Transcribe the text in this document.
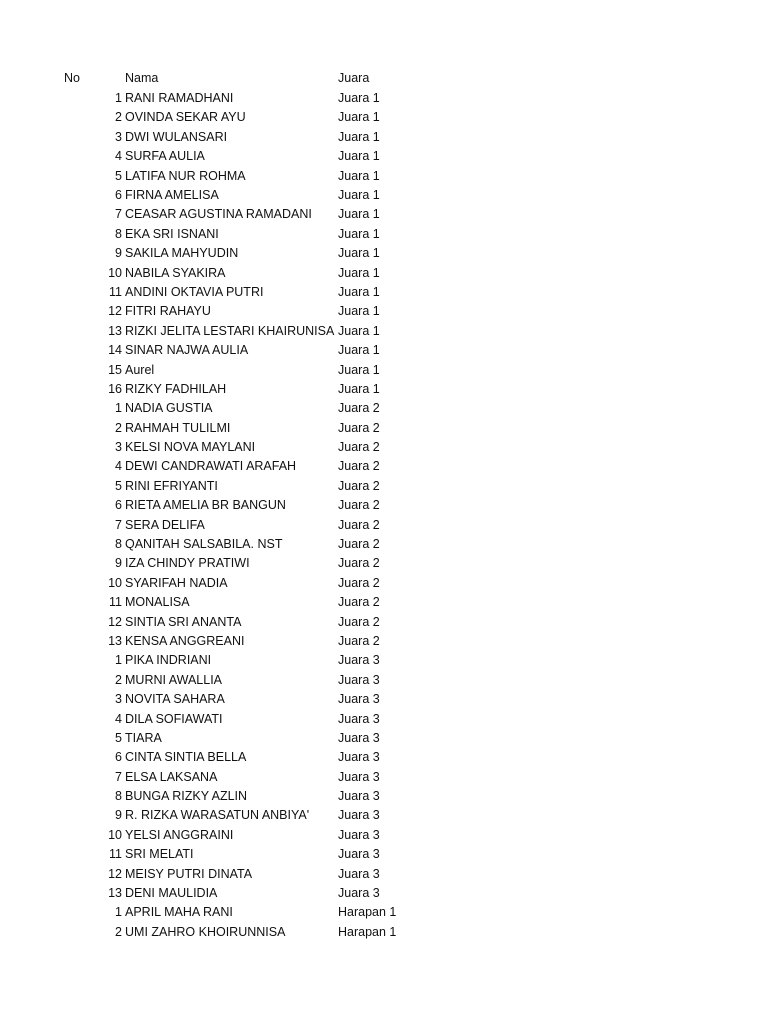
No	Nama	Juara
1 RANI RAMADHANI	Juara 1
2 OVINDA SEKAR AYU	Juara 1
3 DWI WULANSARI	Juara 1
4 SURFA AULIA	Juara 1
5 LATIFA NUR ROHMA	Juara 1
6 FIRNA AMELISA	Juara 1
7 CEASAR AGUSTINA RAMADANI Juara 1
8 EKA SRI ISNANI	Juara 1
9 SAKILA MAHYUDIN	Juara 1
10 NABILA SYAKIRA	Juara 1
11 ANDINI OKTAVIA PUTRI	Juara 1
12 FITRI RAHAYU	Juara 1
13 RIZKI JELITA LESTARI KHAIRUNISA Juara 1
14 SINAR NAJWA AULIA	Juara 1
15 Aurel	Juara 1
16 RIZKY FADHILAH	Juara 1
1 NADIA GUSTIA	Juara 2
2 RAHMAH TULILMI	Juara 2
3 KELSI NOVA MAYLANI	Juara 2
4 DEWI CANDRAWATI ARAFAH	Juara 2
5 RINI EFRIYANTI	Juara 2
6 RIETA AMELIA BR BANGUN	Juara 2
7 SERA DELIFA	Juara 2
8 QANITAH SALSABILA. NST	Juara 2
9 IZA CHINDY PRATIWI	Juara 2
10 SYARIFAH NADIA	Juara 2
11 MONALISA	Juara 2
12 SINTIA SRI ANANTA	Juara 2
13 KENSA ANGGREANI	Juara 2
1 PIKA INDRIANI	Juara 3
2 MURNI AWALLIA	Juara 3
3 NOVITA SAHARA	Juara 3
4 DILA SOFIAWATI	Juara 3
5 TIARA	Juara 3
6 CINTA SINTIA BELLA	Juara 3
7 ELSA LAKSANA	Juara 3
8 BUNGA RIZKY AZLIN	Juara 3
9 R. RIZKA WARASATUN ANBIYA' Juara 3
10 YELSI ANGGRAINI	Juara 3
11 SRI MELATI	Juara 3
12 MEISY PUTRI DINATA	Juara 3
13 DENI MAULIDIA	Juara 3
1 APRIL MAHA RANI	Harapan 1
2 UMI ZAHRO KHOIRUNNISA	Harapan 1
